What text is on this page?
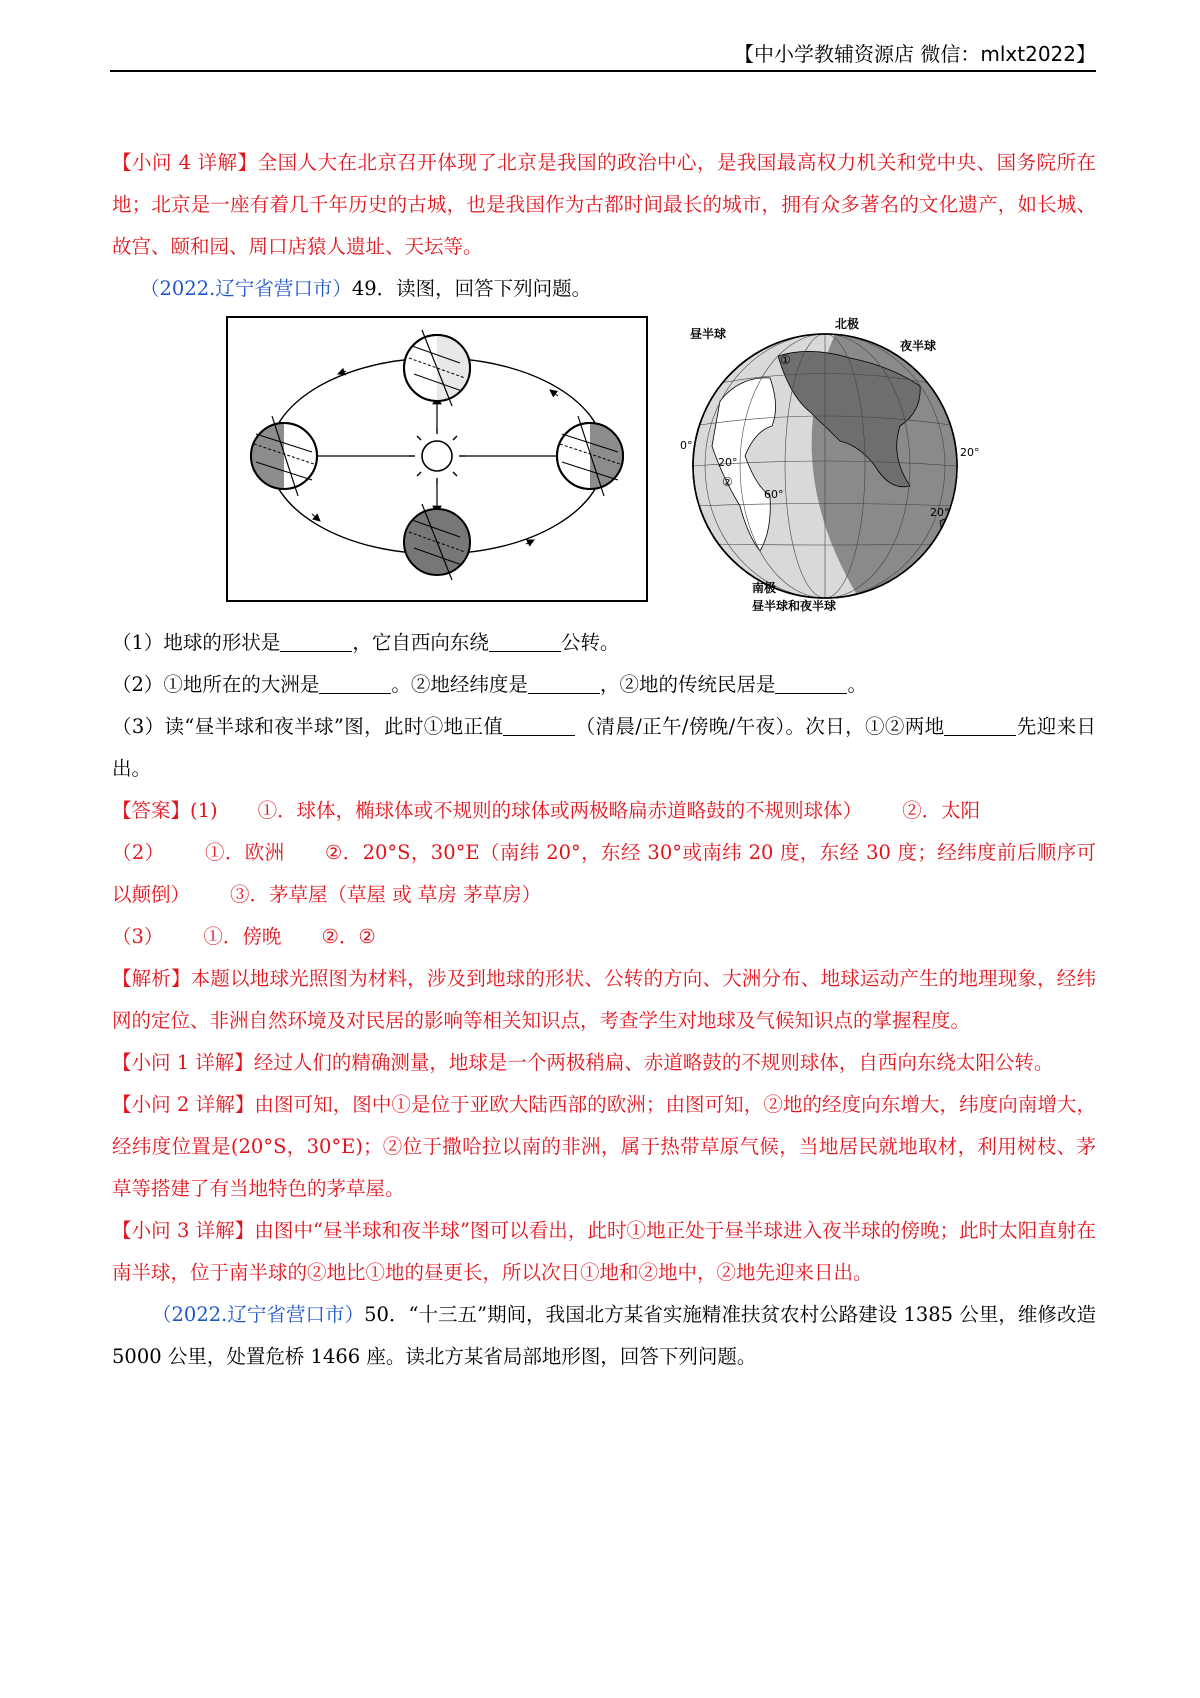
【中小学教辅资源店 微信：mlxt2022】

【小问 4 详解】全国人大在北京召开体现了北京是我国的政治中心，是我国最高权力机关和党中央、国务院所在地；北京是一座有着几千年历史的古城，也是我国作为古都时间最长的城市，拥有众多著名的文化遗产，如长城、故宫、颐和园、周口店猿人遗址、天坛等。

（2022.辽宁省营口市）49．读图，回答下列问题。

昼半球
北极
夜半球
0°
20°
60°
20°
20°
①
②
南极
昼半球和夜半球

（1）地球的形状是	，它自西向东绕	公转。

（2）①地所在的大洲是	。②地经纬度是	，②地的传统民居是	。

（3）读“昼半球和夜半球”图，此时①地正值	（清晨/正午/傍晚/午夜）。次日，①②两地	先迎来日出。

【答案】(1) ①．球体，椭球体或不规则的球体或两极略扁赤道略鼓的不规则球体） ②．太阳

（2） ①．欧洲 ②．20°S，30°E（南纬 20°，东经 30°或南纬 20 度，东经 30 度；经纬度前后顺序可以颠倒） ③．茅草屋（草屋 或 草房 茅草房）

（3） ①．傍晚 ②．②

【解析】本题以地球光照图为材料，涉及到地球的形状、公转的方向、大洲分布、地球运动产生的地理现象，经纬网的定位、非洲自然环境及对民居的影响等相关知识点，考查学生对地球及气候知识点的掌握程度。

【小问 1 详解】经过人们的精确测量，地球是一个两极稍扁、赤道略鼓的不规则球体，自西向东绕太阳公转。

【小问 2 详解】由图可知，图中①是位于亚欧大陆西部的欧洲；由图可知，②地的经度向东增大，纬度向南增大，经纬度位置是(20°S，30°E)；②位于撒哈拉以南的非洲，属于热带草原气候，当地居民就地取材，利用树枝、茅草等搭建了有当地特色的茅草屋。

【小问 3 详解】由图中“昼半球和夜半球”图可以看出，此时①地正处于昼半球进入夜半球的傍晚；此时太阳直射在南半球，位于南半球的②地比①地的昼更长，所以次日①地和②地中，②地先迎来日出。

（2022.辽宁省营口市）50．“十三五”期间，我国北方某省实施精准扶贫农村公路建设 1385 公里，维修改造 5000 公里，处置危桥 1466 座。读北方某省局部地形图，回答下列问题。
